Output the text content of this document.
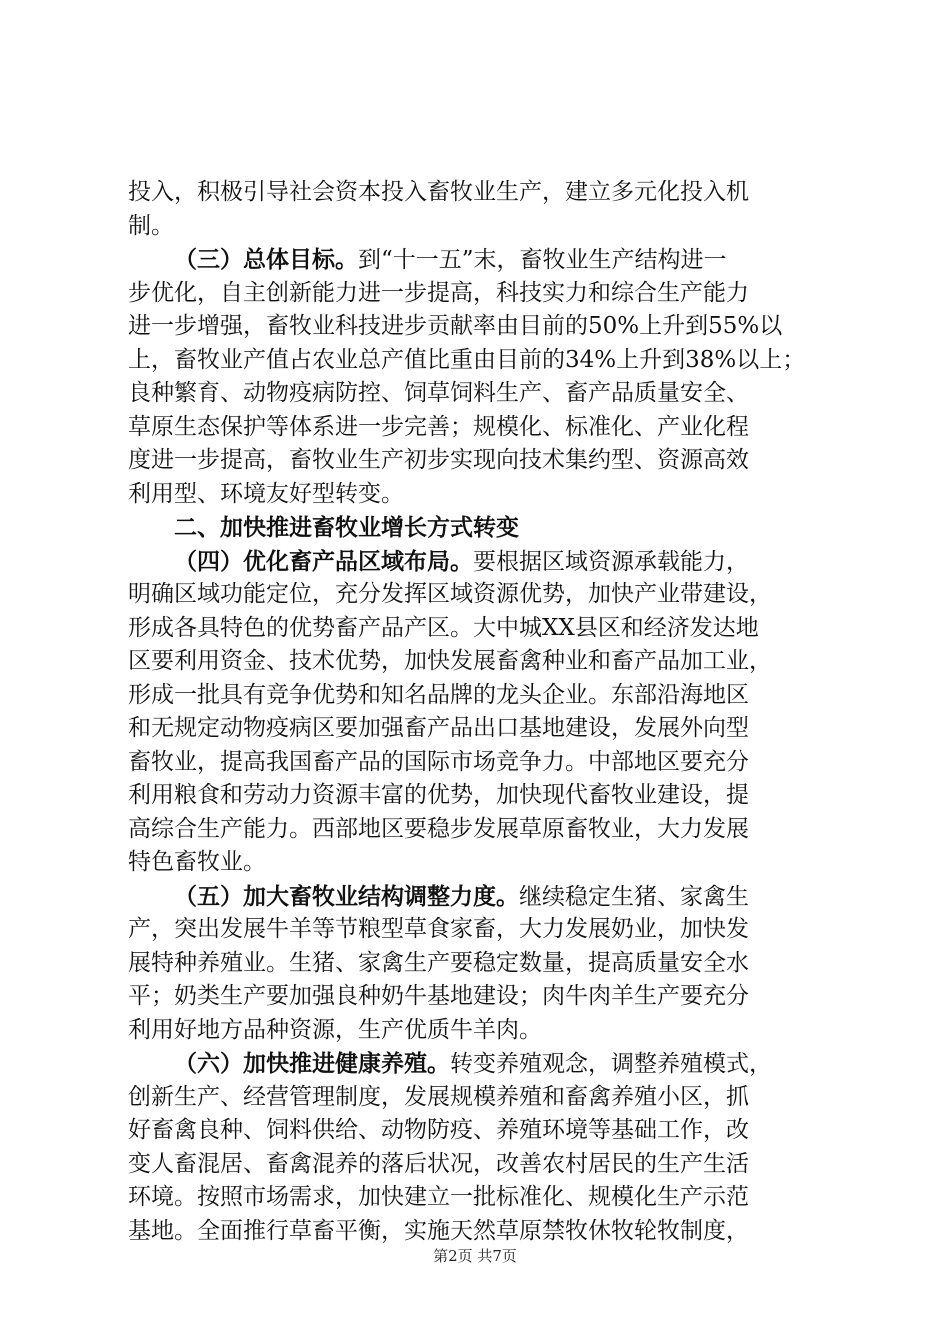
投入，积极引导社会资本投入畜牧业生产，建立多元化投入机
制。
（三）总体目标。到“十一五”末，畜牧业生产结构进一
步优化，自主创新能力进一步提高，科技实力和综合生产能力
进一步增强，畜牧业科技进步贡献率由目前的50%上升到55%以
上，畜牧业产值占农业总产值比重由目前的34%上升到38%以上；
良种繁育、动物疫病防控、饲草饲料生产、畜产品质量安全、
草原生态保护等体系进一步完善；规模化、标准化、产业化程
度进一步提高，畜牧业生产初步实现向技术集约型、资源高效
利用型、环境友好型转变。
二、加快推进畜牧业增长方式转变
（四）优化畜产品区域布局。要根据区域资源承载能力，
明确区域功能定位，充分发挥区域资源优势，加快产业带建设，
形成各具特色的优势畜产品产区。大中城XX县区和经济发达地
区要利用资金、技术优势，加快发展畜禽种业和畜产品加工业，
形成一批具有竞争优势和知名品牌的龙头企业。东部沿海地区
和无规定动物疫病区要加强畜产品出口基地建设，发展外向型
畜牧业，提高我国畜产品的国际市场竞争力。中部地区要充分
利用粮食和劳动力资源丰富的优势，加快现代畜牧业建设，提
高综合生产能力。西部地区要稳步发展草原畜牧业，大力发展
特色畜牧业。
（五）加大畜牧业结构调整力度。继续稳定生猪、家禽生
产，突出发展牛羊等节粮型草食家畜，大力发展奶业，加快发
展特种养殖业。生猪、家禽生产要稳定数量，提高质量安全水
平；奶类生产要加强良种奶牛基地建设；肉牛肉羊生产要充分
利用好地方品种资源，生产优质牛羊肉。
（六）加快推进健康养殖。转变养殖观念，调整养殖模式，
创新生产、经营管理制度，发展规模养殖和畜禽养殖小区，抓
好畜禽良种、饲料供给、动物防疫、养殖环境等基础工作，改
变人畜混居、畜禽混养的落后状况，改善农村居民的生产生活
环境。按照市场需求，加快建立一批标准化、规模化生产示范
基地。全面推行草畜平衡，实施天然草原禁牧休牧轮牧制度，
第2页 共7页
